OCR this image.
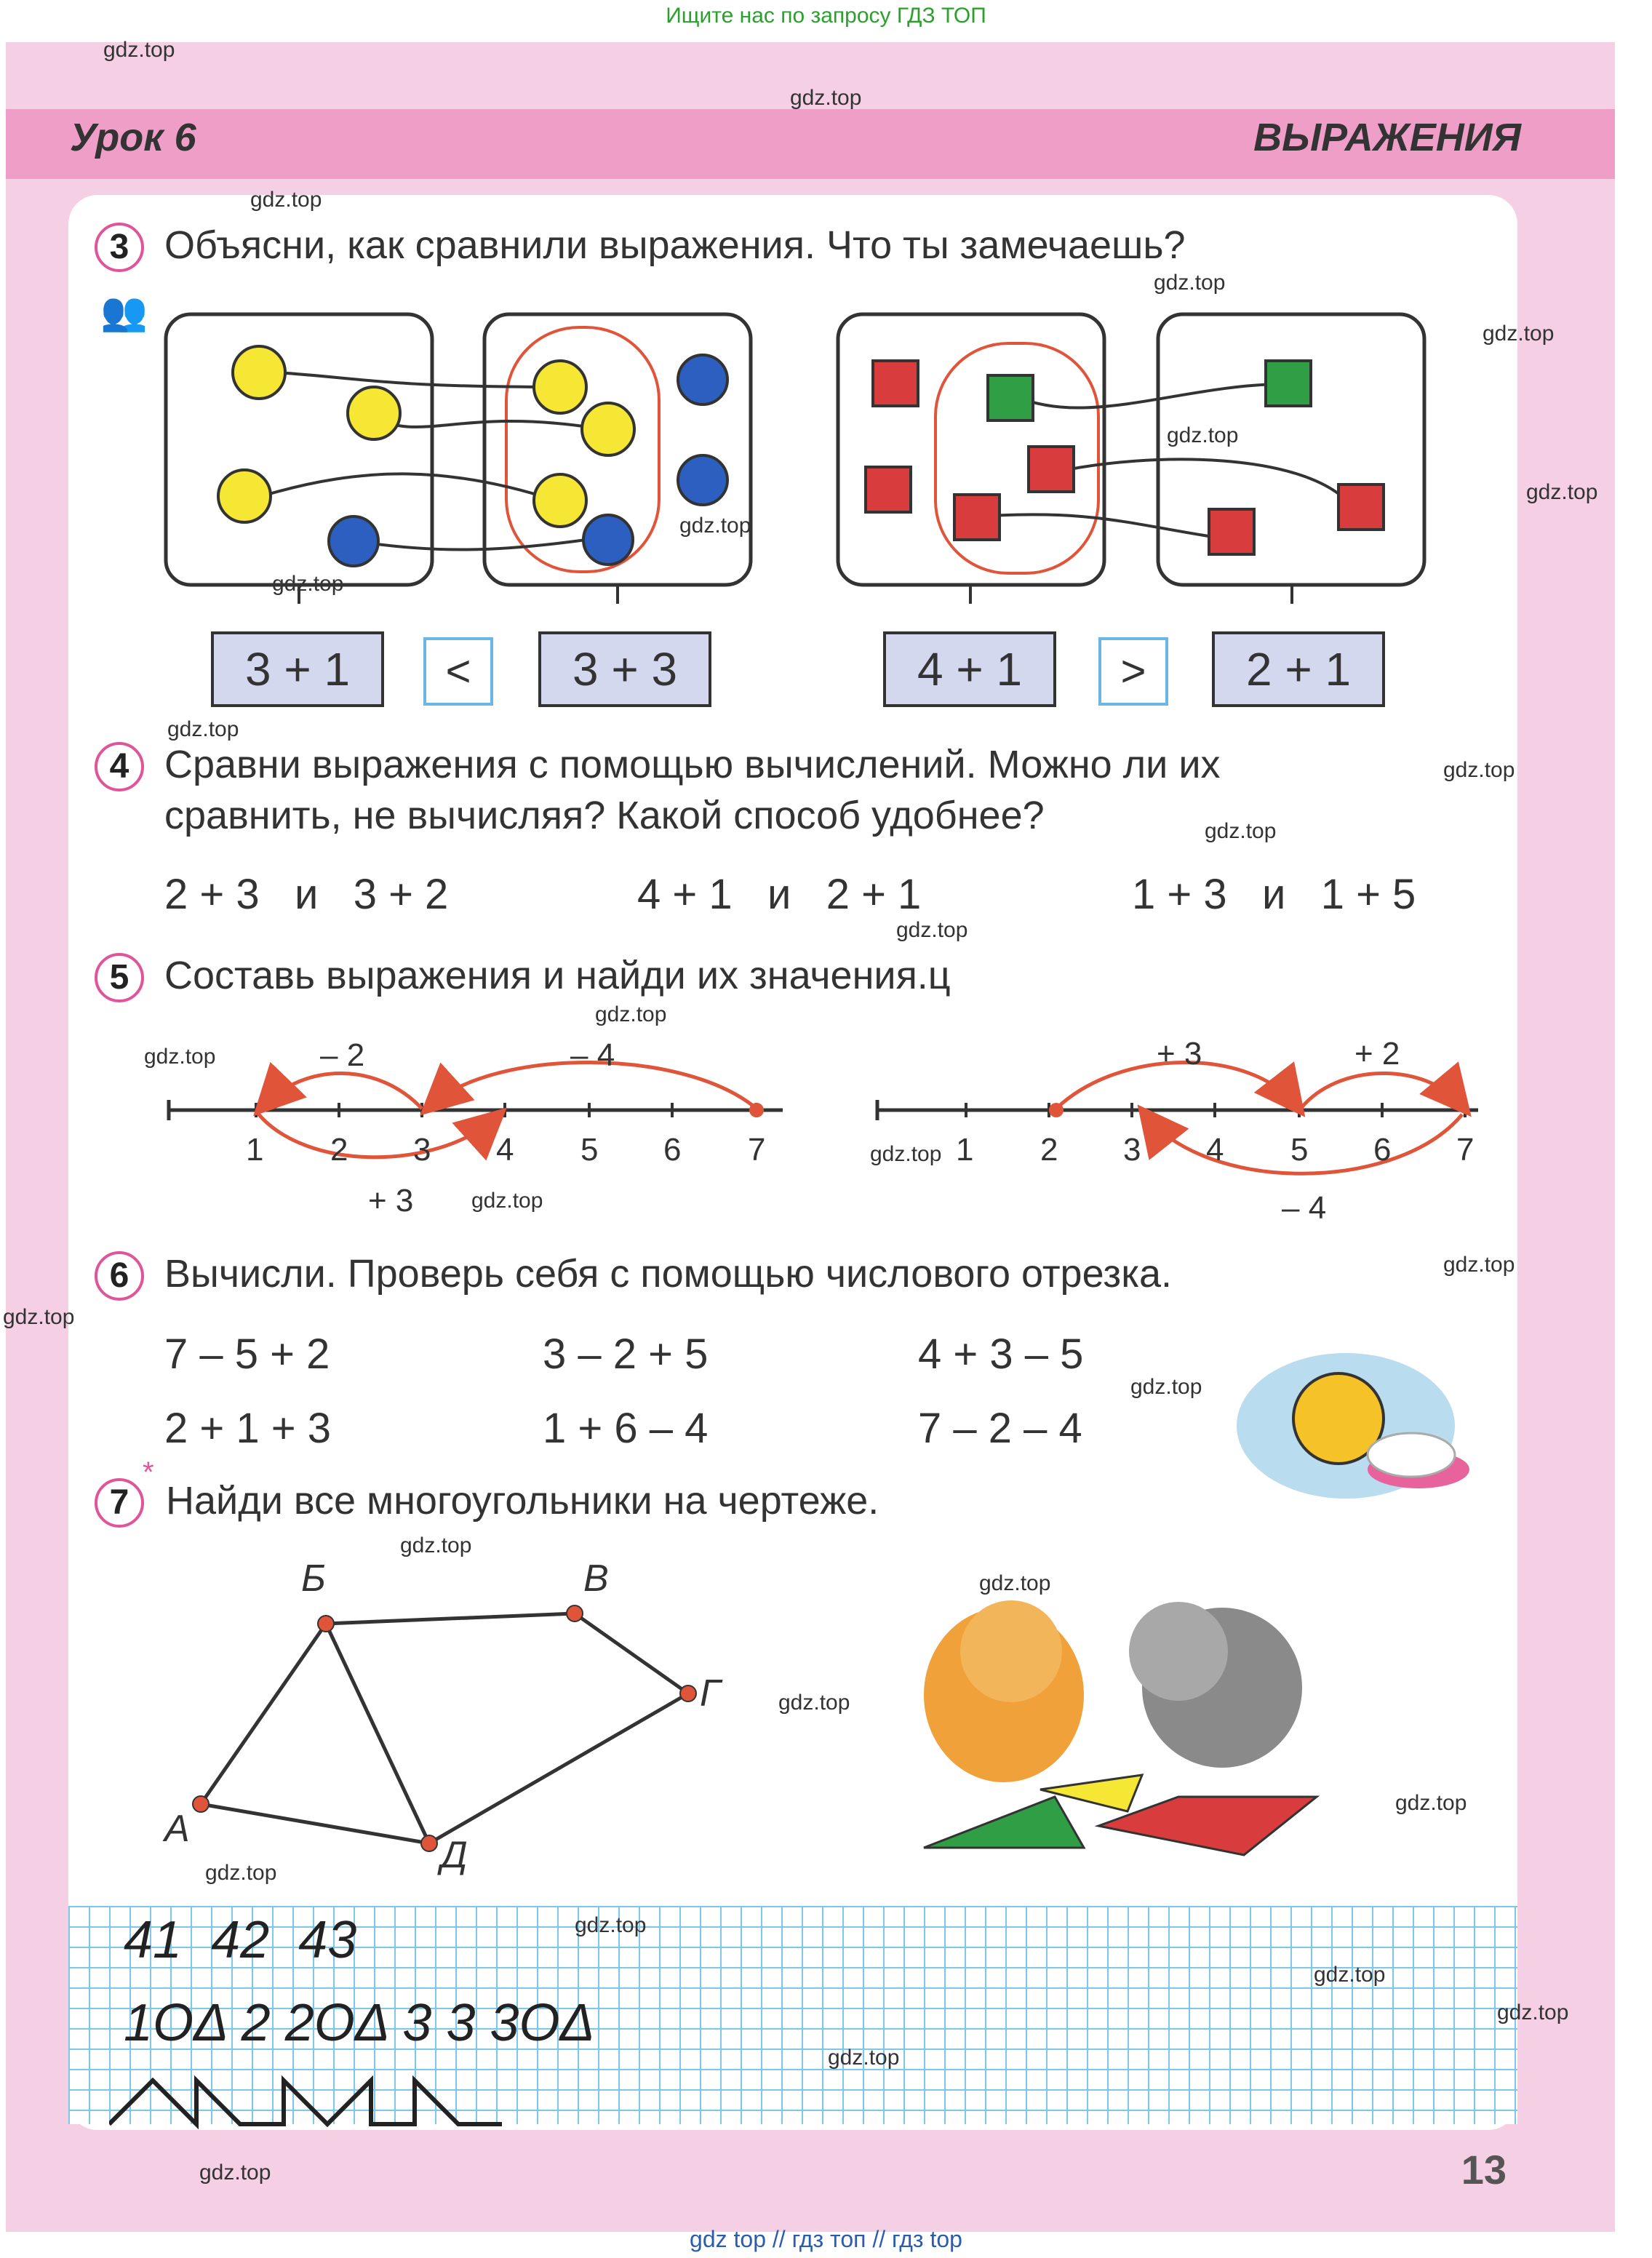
Ищите нас по запросу ГДЗ ТОП
Урок 6	ВЫРАЖЕНИЯ
3 Объясни, как сравнили выражения. Что ты замечаешь?
👥
3 + 1	<	3 + 3	4 + 1	>	2 + 1
4 Сравни выражения с помощью вычислений. Можно ли их
сравнить, не вычисляя? Какой способ удобнее?
2 + 3   и   3 + 2	4 + 1   и   2 + 1	1 + 3   и   1 + 5
5 Составь выражения и найди их значения.ц
– 2	– 4
+ 3
1 2 3 4 5 6 7
+ 3	+ 2
– 4
1 2 3 4 5 6 7
6 Вычисли. Проверь себя с помощью числового отрезка.
7 – 5 + 2	3 – 2 + 5	4 + 3 – 5
2 + 1 + 3	1 + 6 – 4	7 – 2 – 4
*
7 Найди все многоугольники на чертеже.
А
Б	В
Г
Д
41  42  43
1ОΔ 2 2ОΔ 3 3 3ОΔ
13
gdz top // гдз топ // гдз top
gdz.top
gdz.top
gdz.top
gdz.top
gdz.top
gdz.top
gdz.top
gdz.top
gdz.top
gdz.top
gdz.top
gdz.top
gdz.top
gdz.top
gdz.top
gdz.top
gdz.top
gdz.top
gdz.top
gdz.top
gdz.top
gdz.top
gdz.top
gdz.top
gdz.top
gdz.top
gdz.top
gdz.top
gdz.top
gdz.top
